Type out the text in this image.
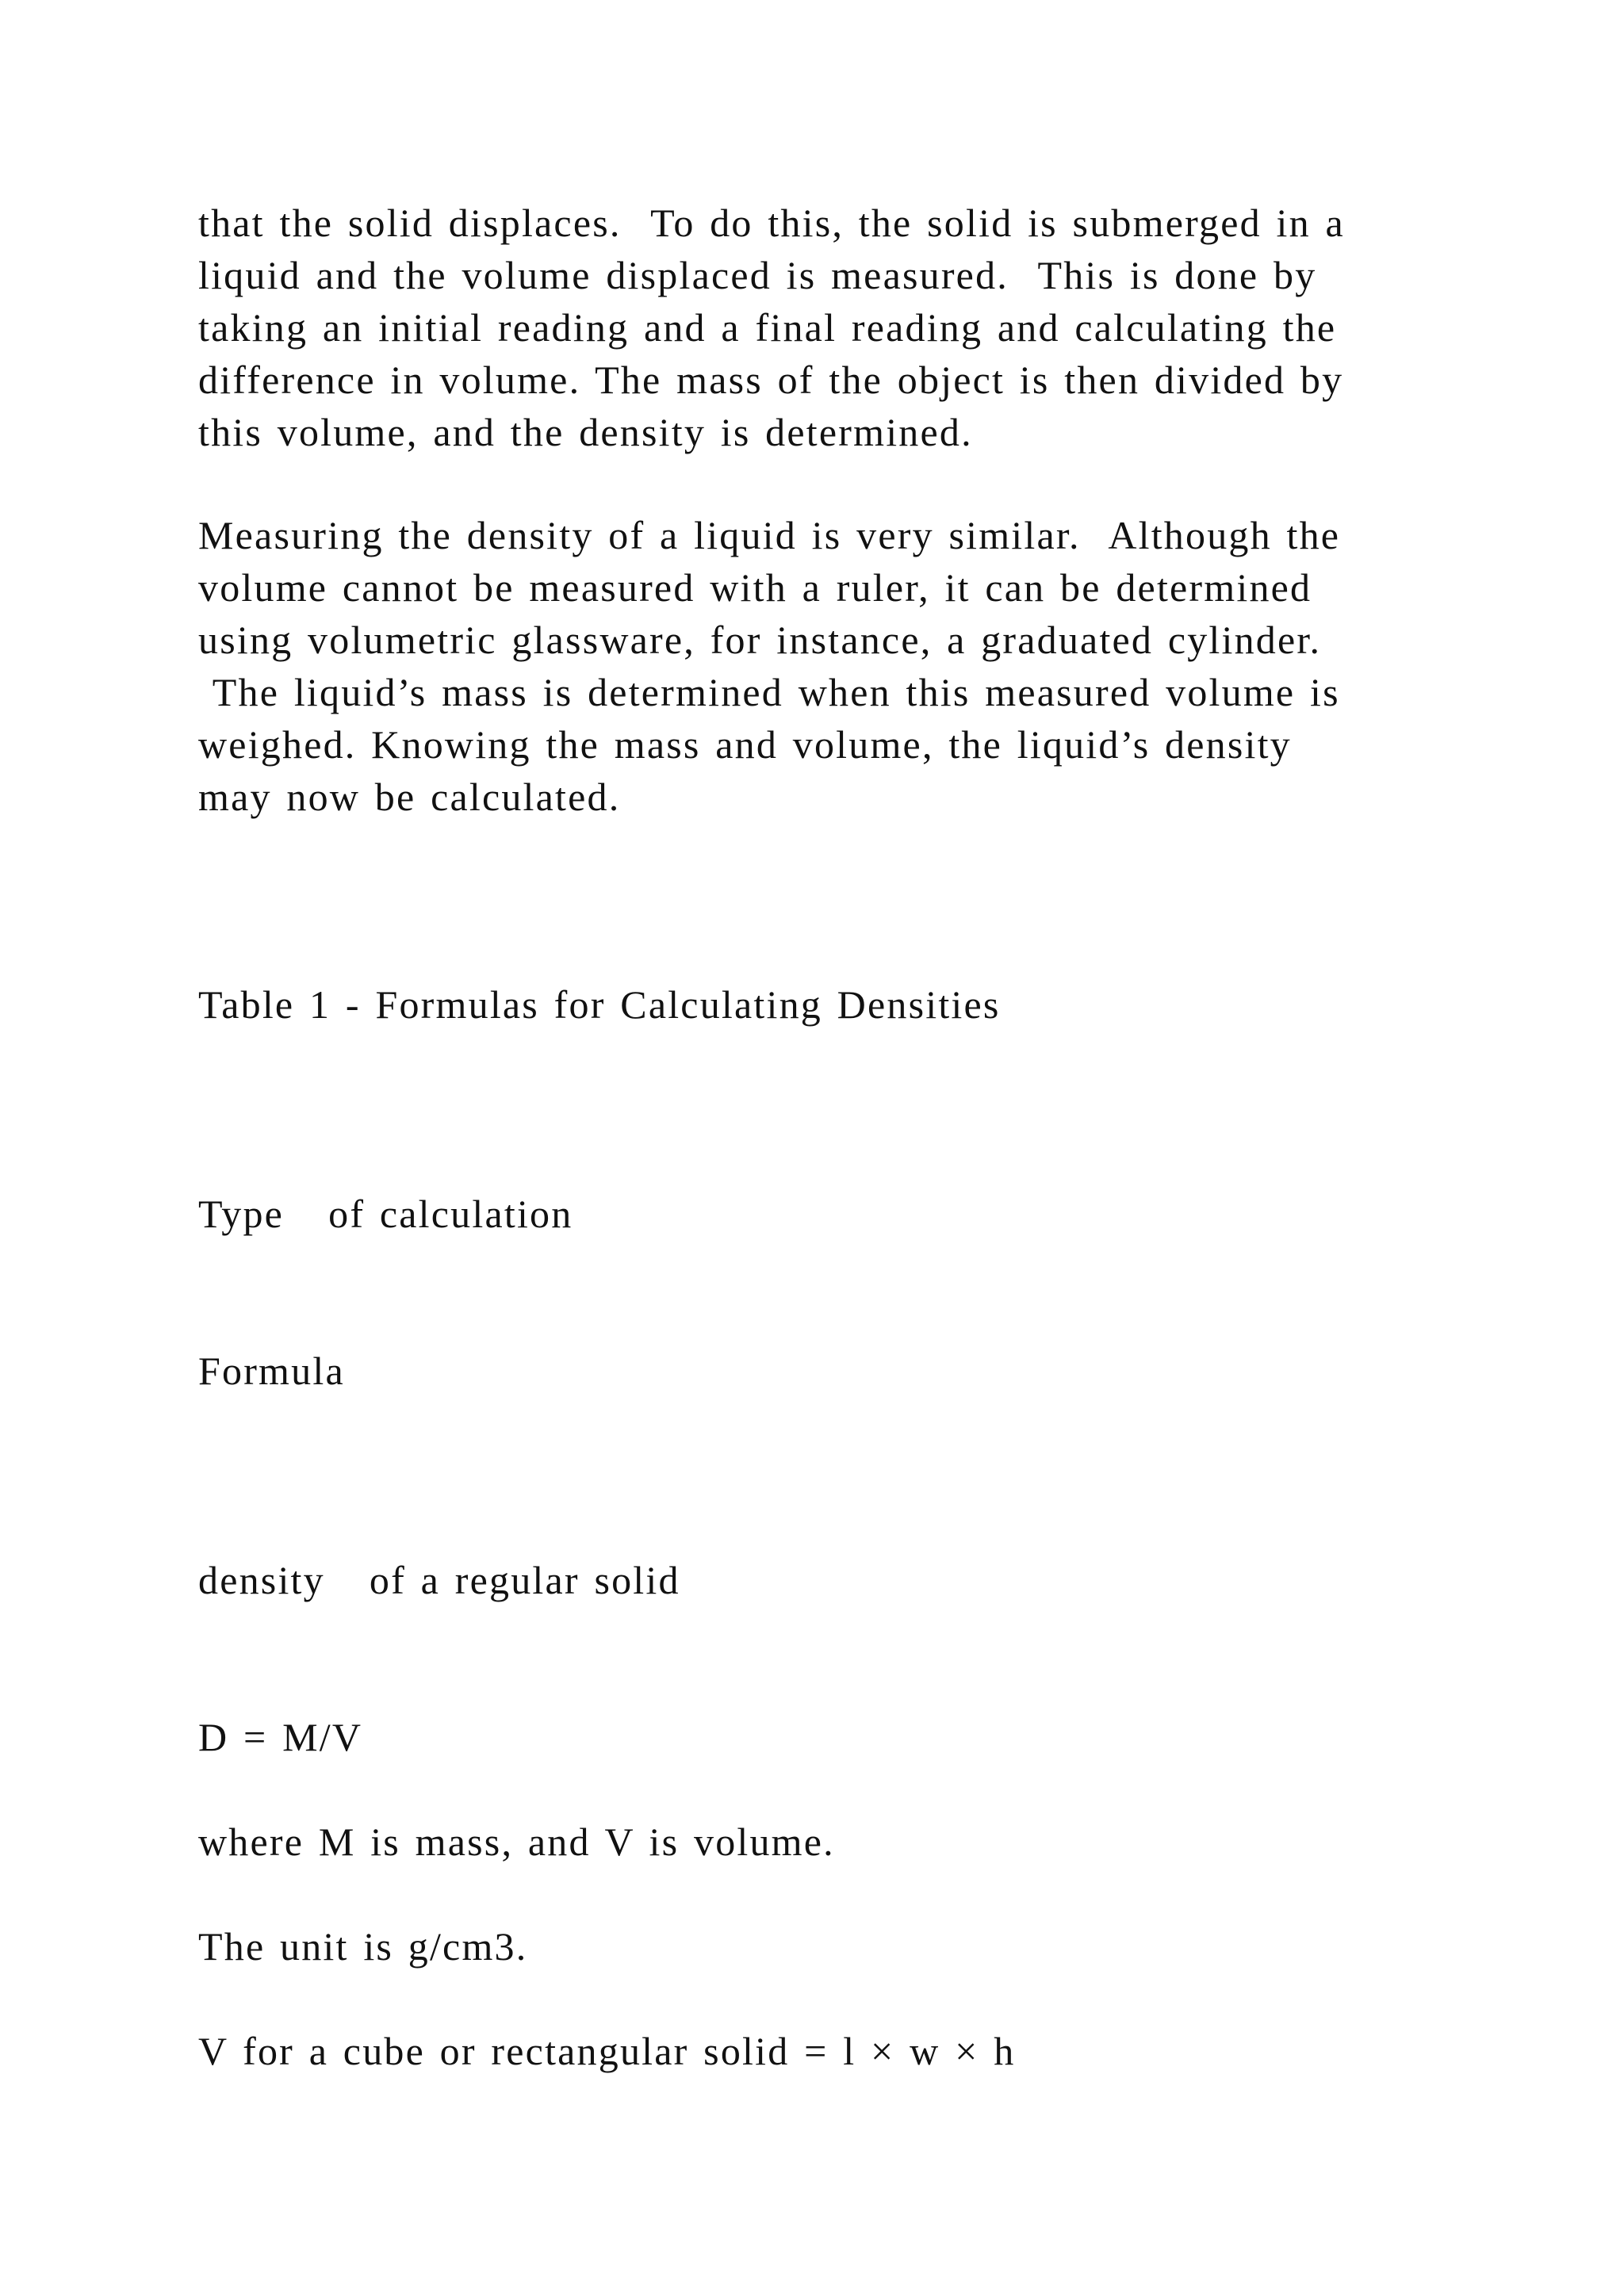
that the solid displaces.  To do this, the solid is submerged in a

liquid and the volume displaced is measured.  This is done by

taking an initial reading and a final reading and calculating the

difference in volume. The mass of the object is then divided by

this volume, and the density is determined.

Measuring the density of a liquid is very similar.  Although the

volume cannot be measured with a ruler, it can be determined

using volumetric glassware, for instance, a graduated cylinder.

The liquid’s mass is determined when this measured volume is

weighed. Knowing the mass and volume, the liquid’s density

may now be calculated.

Table 1 - Formulas for Calculating Densities

Type   of calculation

Formula

density   of a regular solid

D = M/V

where M is mass, and V is volume.

The unit is g/cm3.

V for a cube or rectangular solid = l × w × h
